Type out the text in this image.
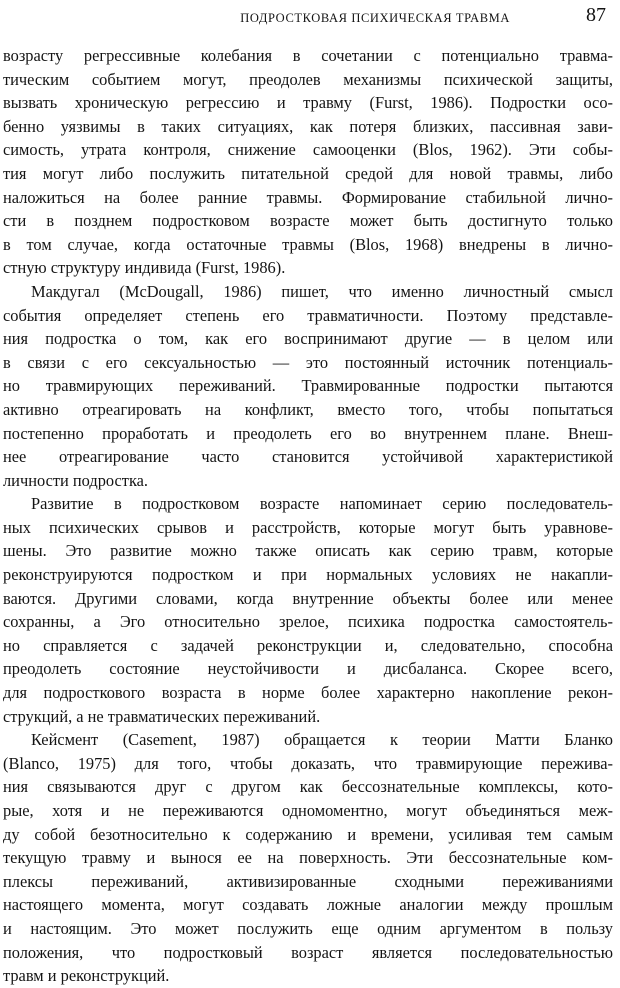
ПОДРОСТКОВАЯ ПСИХИЧЕСКАЯ ТРАВМА	87
возрасту регрессивные колебания в сочетании с потенциально травма-
тическим событием могут, преодолев механизмы психической защиты,
вызвать хроническую регрессию и травму (Furst, 1986). Подростки осо-
бенно уязвимы в таких ситуациях, как потеря близких, пассивная зави-
симость, утрата контроля, снижение самооценки (Blos, 1962). Эти собы-
тия могут либо послужить питательной средой для новой травмы, либо
наложиться на более ранние травмы. Формирование стабильной лично-
сти в позднем подростковом возрасте может быть достигнуто только
в том случае, когда остаточные травмы (Blos, 1968) внедрены в лично-
стную структуру индивида (Furst, 1986).
Макдугал (McDougall, 1986) пишет, что именно личностный смысл
события определяет степень его травматичности. Поэтому представле-
ния подростка о том, как его воспринимают другие — в целом или
в связи с его сексуальностью — это постоянный источник потенциаль-
но травмирующих переживаний. Травмированные подростки пытаются
активно отреагировать на конфликт, вместо того, чтобы попытаться
постепенно проработать и преодолеть его во внутреннем плане. Внеш-
нее отреагирование часто становится устойчивой характеристикой
личности подростка.
Развитие в подростковом возрасте напоминает серию последователь-
ных психических срывов и расстройств, которые могут быть уравнове-
шены. Это развитие можно также описать как серию травм, которые
реконструируются подростком и при нормальных условиях не накапли-
ваются. Другими словами, когда внутренние объекты более или менее
сохранны, а Эго относительно зрелое, психика подростка самостоятель-
но справляется с задачей реконструкции и, следовательно, способна
преодолеть состояние неустойчивости и дисбаланса. Скорее всего,
для подросткового возраста в норме более характерно накопление рекон-
струкций, а не травматических переживаний.
Кейсмент (Casement, 1987) обращается к теории Матти Бланко
(Blanco, 1975) для того, чтобы доказать, что травмирующие пережива-
ния связываются друг с другом как бессознательные комплексы, кото-
рые, хотя и не переживаются одномоментно, могут объединяться меж-
ду собой безотносительно к содержанию и времени, усиливая тем самым
текущую травму и вынося ее на поверхность. Эти бессознательные ком-
плексы переживаний, активизированные сходными переживаниями
настоящего момента, могут создавать ложные аналогии между прошлым
и настоящим. Это может послужить еще одним аргументом в пользу
положения, что подростковый возраст является последовательностью
травм и реконструкций.
